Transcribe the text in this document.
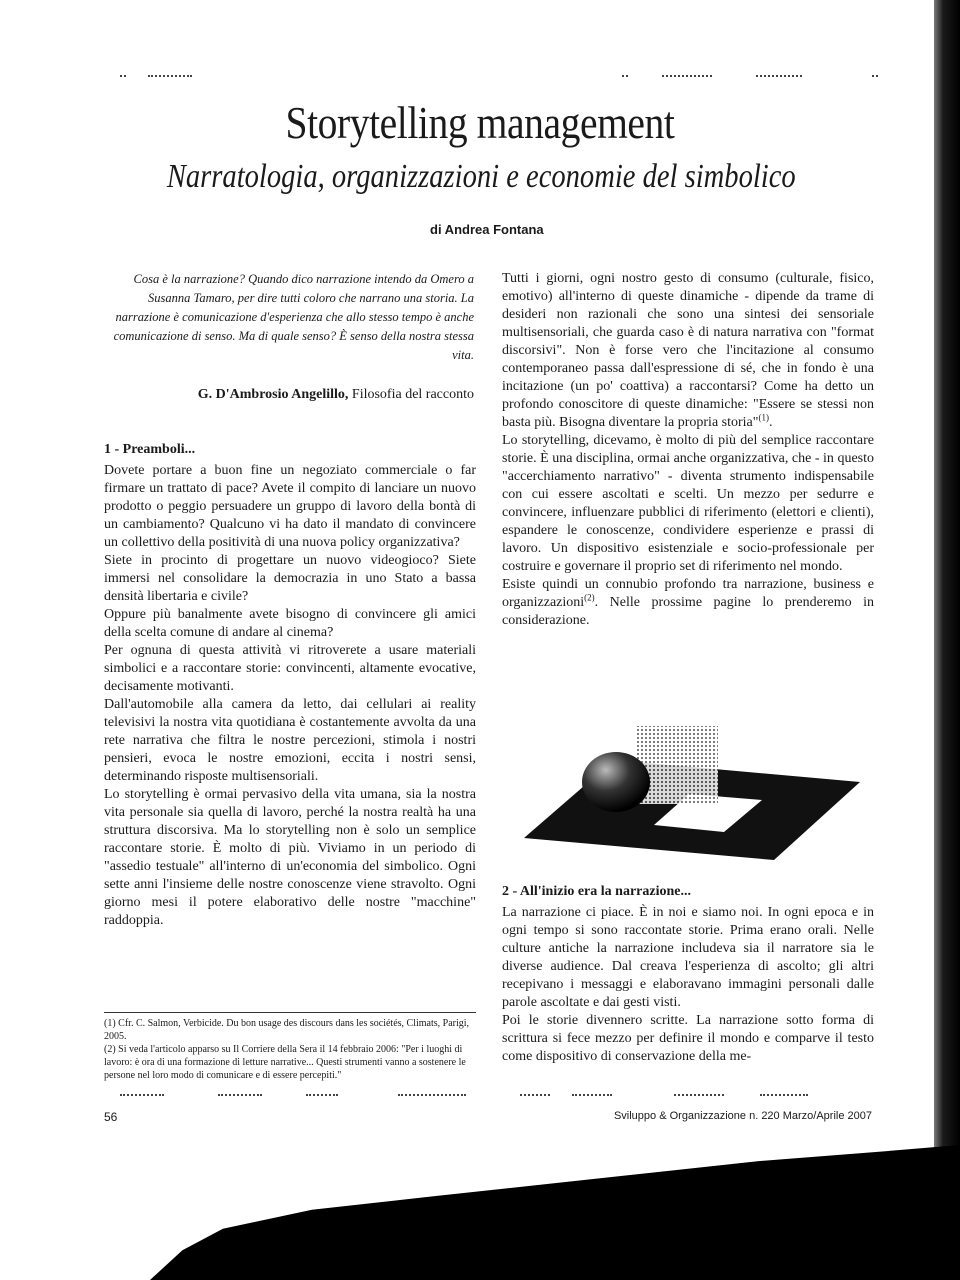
Storytelling management
Narratologia, organizzazioni e economie del simbolico
di Andrea Fontana
Cosa è la narrazione? Quando dico narrazione intendo da Omero a Susanna Tamaro, per dire tutti coloro che narrano una storia. La narrazione è comunicazione d'esperienza che allo stesso tempo è anche comunicazione di senso. Ma di quale senso? È senso della nostra stessa vita.
G. D'Ambrosio Angelillo, Filosofia del racconto
1 - Preamboli...

Dovete portare a buon fine un negoziato commerciale o far firmare un trattato di pace? Avete il compito di lanciare un nuovo prodotto o peggio persuadere un gruppo di lavoro della bontà di un cambiamento? Qualcuno vi ha dato il mandato di convincere un collettivo della positività di una nuova policy organizzativa?

Siete in procinto di progettare un nuovo videogioco? Siete immersi nel consolidare la democrazia in uno Stato a bassa densità libertaria e civile?

Oppure più banalmente avete bisogno di convincere gli amici della scelta comune di andare al cinema?

Per ognuna di questa attività vi ritroverete a usare materiali simbolici e a raccontare storie: convincenti, altamente evocative, decisamente motivanti.

Dall'automobile alla camera da letto, dai cellulari ai reality televisivi la nostra vita quotidiana è costantemente avvolta da una rete narrativa che filtra le nostre percezioni, stimola i nostri pensieri, evoca le nostre emozioni, eccita i nostri sensi, determinando risposte multisensoriali.

Lo storytelling è ormai pervasivo della vita umana, sia la nostra vita personale sia quella di lavoro, perché la nostra realtà ha una struttura discorsiva. Ma lo storytelling non è solo un semplice raccontare storie. È molto di più. Viviamo in un periodo di "assedio testuale" all'interno di un'economia del simbolico. Ogni sette anni l'insieme delle nostre conoscenze viene stravolto. Ogni giorno mesi il potere elaborativo delle nostre "macchine" raddoppia.

Tutti i giorni, ogni nostro gesto di consumo (culturale, fisico, emotivo) all'interno di queste dinamiche - dipende da trame di desideri non razionali che sono una sintesi dei sensoriale multisensoriali, che guarda caso è di natura narrativa con "format discorsivi". Non è forse vero che l'incitazione al consumo contemporaneo passa dall'espressione di sé, che in fondo è una incitazione (un po' coattiva) a raccontarsi? Come ha detto un profondo conoscitore di queste dinamiche: "Essere se stessi non basta più. Bisogna diventare la propria storia"$^{(1)}$.

Lo storytelling, dicevamo, è molto di più del semplice raccontare storie. È una disciplina, ormai anche organizzativa, che - in questo "accerchiamento narrativo" - diventa strumento indispensabile con cui essere ascoltati e scelti. Un mezzo per sedurre e convincere, influenzare pubblici di riferimento (elettori e clienti), espandere le conoscenze, condividere esperienze e prassi di lavoro. Un dispositivo esistenziale e socio-professionale per costruire e governare il proprio set di riferimento nel mondo.

Esiste quindi un connubio profondo tra narrazione, business e organizzazioni$^{(2)}$. Nelle prossime pagine lo prenderemo in considerazione.

2 - All'inizio era la narrazione...

La narrazione ci piace. È in noi e siamo noi. In ogni epoca e in ogni tempo si sono raccontate storie. Prima erano orali. Nelle culture antiche la narrazione includeva sia il narratore sia le diverse audience. Dal creava l'esperienza di ascolto; gli altri recepivano i messaggi e elaboravano immagini personali dalle parole ascoltate e dai gesti visti.

Poi le storie divennero scritte. La narrazione sotto forma di scrittura si fece mezzo per definire il mondo e comparve il testo come dispositivo di conservazione della me-

(1) Cfr. C. Salmon, Verbicide. Du bon usage des discours dans les sociétés, Climats, Parigi, 2005.

(2) Si veda l'articolo apparso su Il Corriere della Sera il 14 febbraio 2006: "Per i luoghi di lavoro: è ora di una formazione di letture narrative... Questi strumenti vanno a sostenere le persone nel loro modo di comunicare e di essere percepiti."

56	Sviluppo & Organizzazione n. 220 Marzo/Aprile 2007
